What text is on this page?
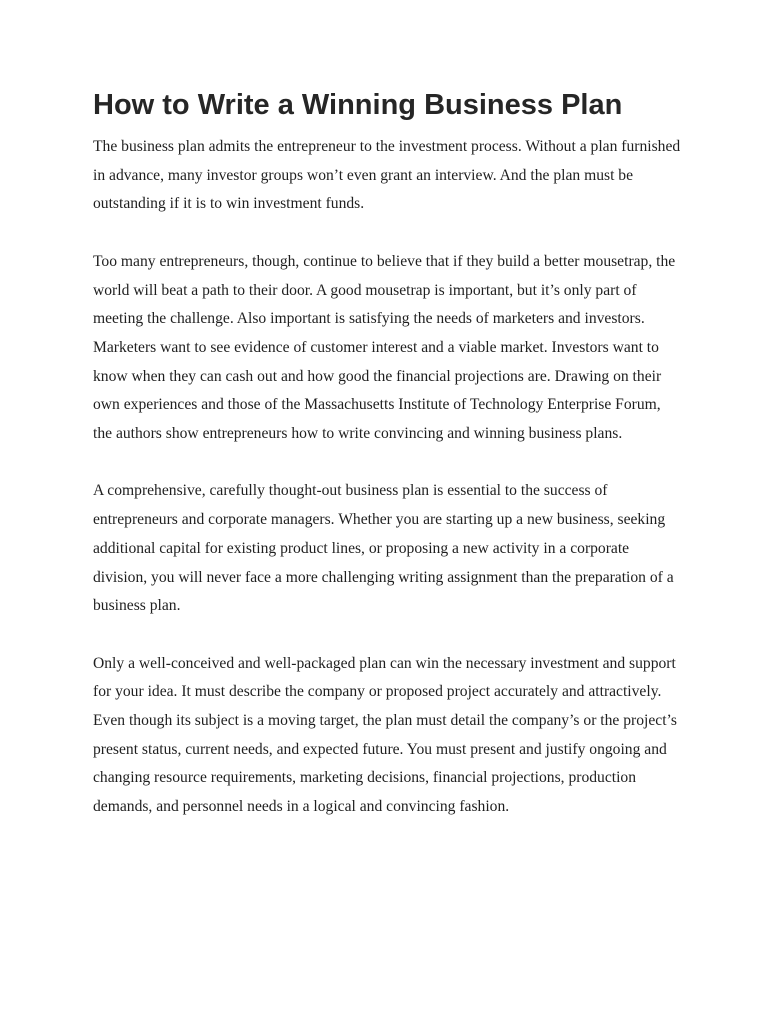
How to Write a Winning Business Plan

The business plan admits the entrepreneur to the investment process. Without a plan furnished in advance, many investor groups won’t even grant an interview. And the plan must be outstanding if it is to win investment funds.

Too many entrepreneurs, though, continue to believe that if they build a better mousetrap, the world will beat a path to their door. A good mousetrap is important, but it’s only part of meeting the challenge. Also important is satisfying the needs of marketers and investors. Marketers want to see evidence of customer interest and a viable market. Investors want to know when they can cash out and how good the financial projections are. Drawing on their own experiences and those of the Massachusetts Institute of Technology Enterprise Forum, the authors show entrepreneurs how to write convincing and winning business plans.

A comprehensive, carefully thought-out business plan is essential to the success of entrepreneurs and corporate managers. Whether you are starting up a new business, seeking additional capital for existing product lines, or proposing a new activity in a corporate division, you will never face a more challenging writing assignment than the preparation of a business plan.

Only a well-conceived and well-packaged plan can win the necessary investment and support for your idea. It must describe the company or proposed project accurately and attractively. Even though its subject is a moving target, the plan must detail the company’s or the project’s present status, current needs, and expected future. You must present and justify ongoing and changing resource requirements, marketing decisions, financial projections, production demands, and personnel needs in a logical and convincing fashion.
